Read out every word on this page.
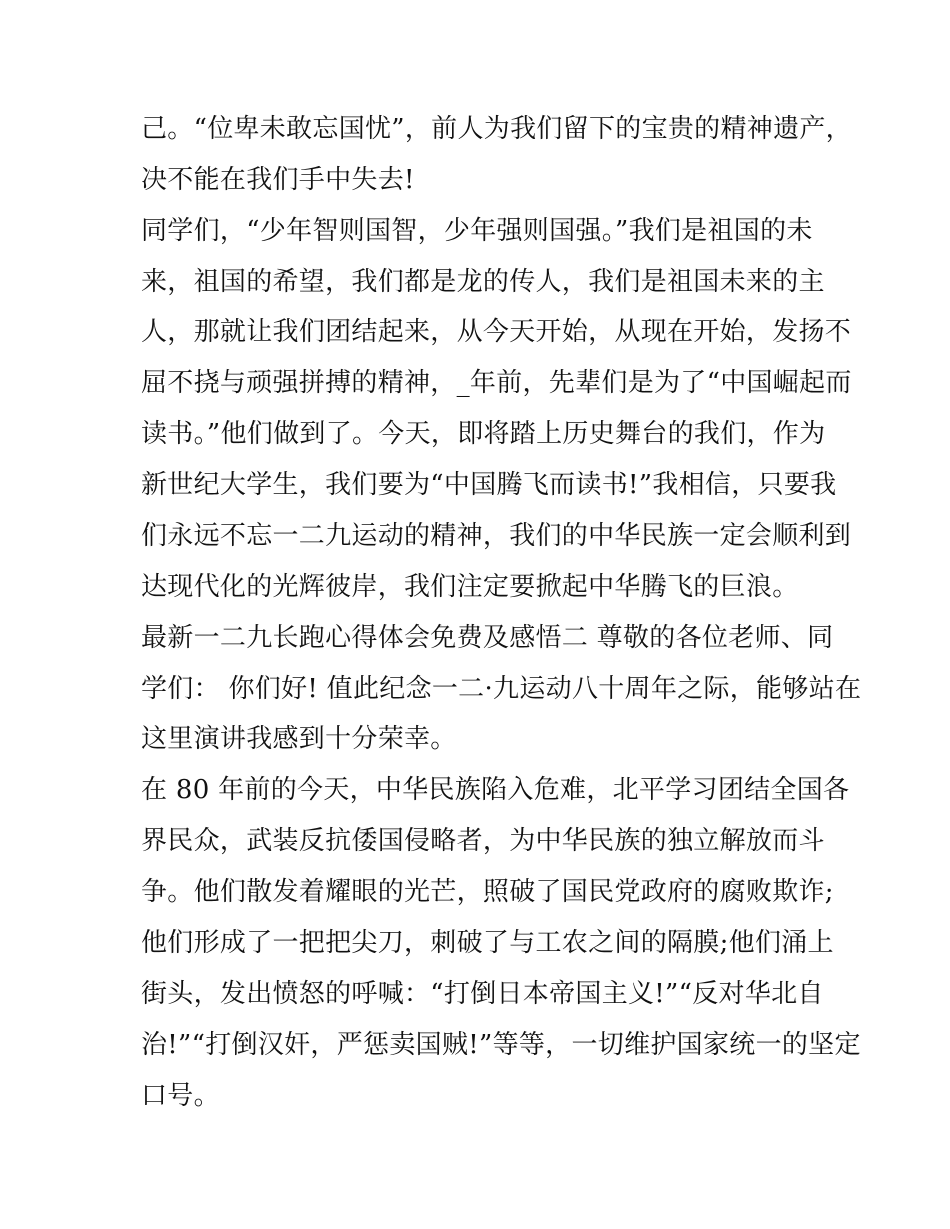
己。“位卑未敢忘国忧”，前人为我们留下的宝贵的精神遗产，
决不能在我们手中失去!
同学们，“少年智则国智，少年强则国强。”我们是祖国的未
来，祖国的希望，我们都是龙的传人，我们是祖国未来的主
人，那就让我们团结起来，从今天开始，从现在开始，发扬不
屈不挠与顽强拼搏的精神，_年前，先辈们是为了“中国崛起而
读书。”他们做到了。今天，即将踏上历史舞台的我们，作为
新世纪大学生，我们要为“中国腾飞而读书!”我相信，只要我
们永远不忘一二九运动的精神，我们的中华民族一定会顺利到
达现代化的光辉彼岸，我们注定要掀起中华腾飞的巨浪。
最新一二九长跑心得体会免费及感悟二 尊敬的各位老师、同
学们： 你们好! 值此纪念一二·九运动八十周年之际，能够站在
这里演讲我感到十分荣幸。
在 80 年前的今天，中华民族陷入危难，北平学习团结全国各
界民众，武装反抗倭国侵略者，为中华民族的独立解放而斗
争。他们散发着耀眼的光芒，照破了国民党政府的腐败欺诈;
他们形成了一把把尖刀，刺破了与工农之间的隔膜;他们涌上
街头，发出愤怒的呼喊：“打倒日本帝国主义!”“反对华北自
治!”“打倒汉奸，严惩卖国贼!”等等，一切维护国家统一的坚定
口号。
